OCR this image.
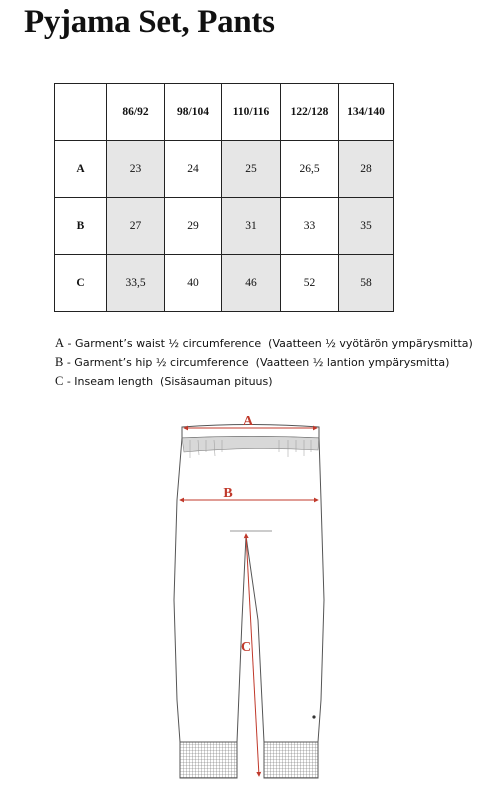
Pyjama Set, Pants
	86/92	98/104	110/116	122/128	134/140
A	23	24	25	26,5	28
B	27	29	31	33	35
C	33,5	40	46	52	58
A - Garment’s waist ½ circumference (Vaatteen ½ vyötärön ympärysmitta)
B - Garment’s hip ½ circumference (Vaatteen ½ lantion ympärysmitta)
C - Inseam length (Sisäsauman pituus)
A
B
C
